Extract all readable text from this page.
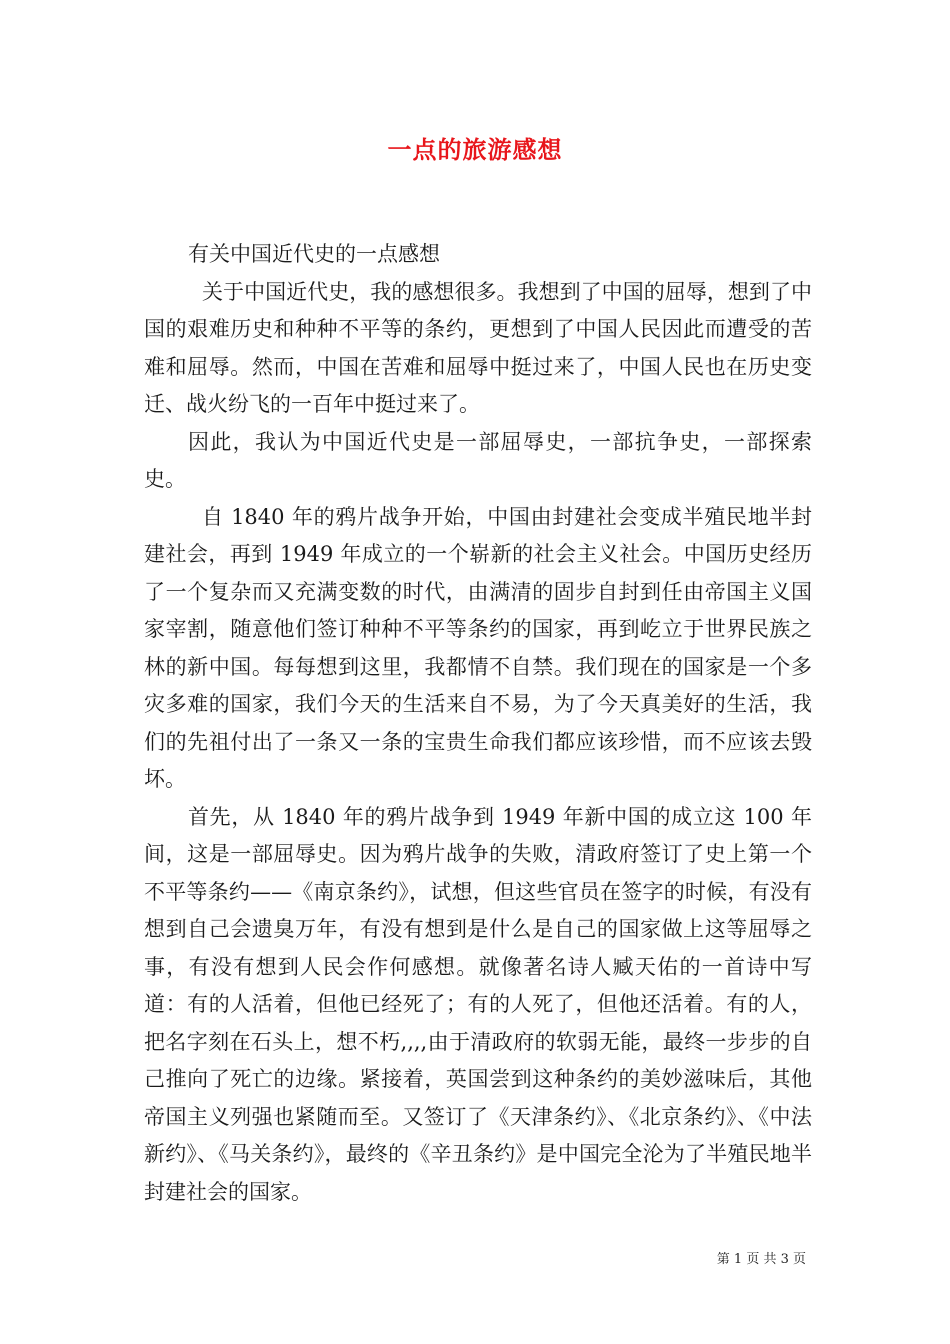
一点的旅游感想

有关中国近代史的一点感想

关于中国近代史，我的感想很多。我想到了中国的屈辱，想到了中国的艰难历史和种种不平等的条约，更想到了中国人民因此而遭受的苦难和屈辱。然而，中国在苦难和屈辱中挺过来了，中国人民也在历史变迁、战火纷飞的一百年中挺过来了。

因此，我认为中国近代史是一部屈辱史，一部抗争史，一部探索史。

自 1840 年的鸦片战争开始，中国由封建社会变成半殖民地半封建社会，再到 1949 年成立的一个崭新的社会主义社会。中国历史经历了一个复杂而又充满变数的时代，由满清的固步自封到任由帝国主义国家宰割，随意他们签订种种不平等条约的国家，再到屹立于世界民族之林的新中国。每每想到这里，我都情不自禁。我们现在的国家是一个多灾多难的国家，我们今天的生活来自不易，为了今天真美好的生活，我们的先祖付出了一条又一条的宝贵生命我们都应该珍惜，而不应该去毁坏。

首先，从 1840 年的鸦片战争到 1949 年新中国的成立这 100 年间，这是一部屈辱史。因为鸦片战争的失败，清政府签订了史上第一个不平等条约——《南京条约》，试想，但这些官员在签字的时候，有没有想到自己会遗臭万年，有没有想到是什么是自己的国家做上这等屈辱之事，有没有想到人民会作何感想。就像著名诗人臧天佑的一首诗中写道：有的人活着，但他已经死了；有的人死了，但他还活着。有的人，把名字刻在石头上，想不朽,,,,由于清政府的软弱无能，最终一步步的自己推向了死亡的边缘。紧接着，英国尝到这种条约的美妙滋味后，其他帝国主义列强也紧随而至。又签订了《天津条约》、《北京条约》、《中法新约》、《马关条约》，最终的《辛丑条约》是中国完全沦为了半殖民地半封建社会的国家。

第 1 页 共 3 页
